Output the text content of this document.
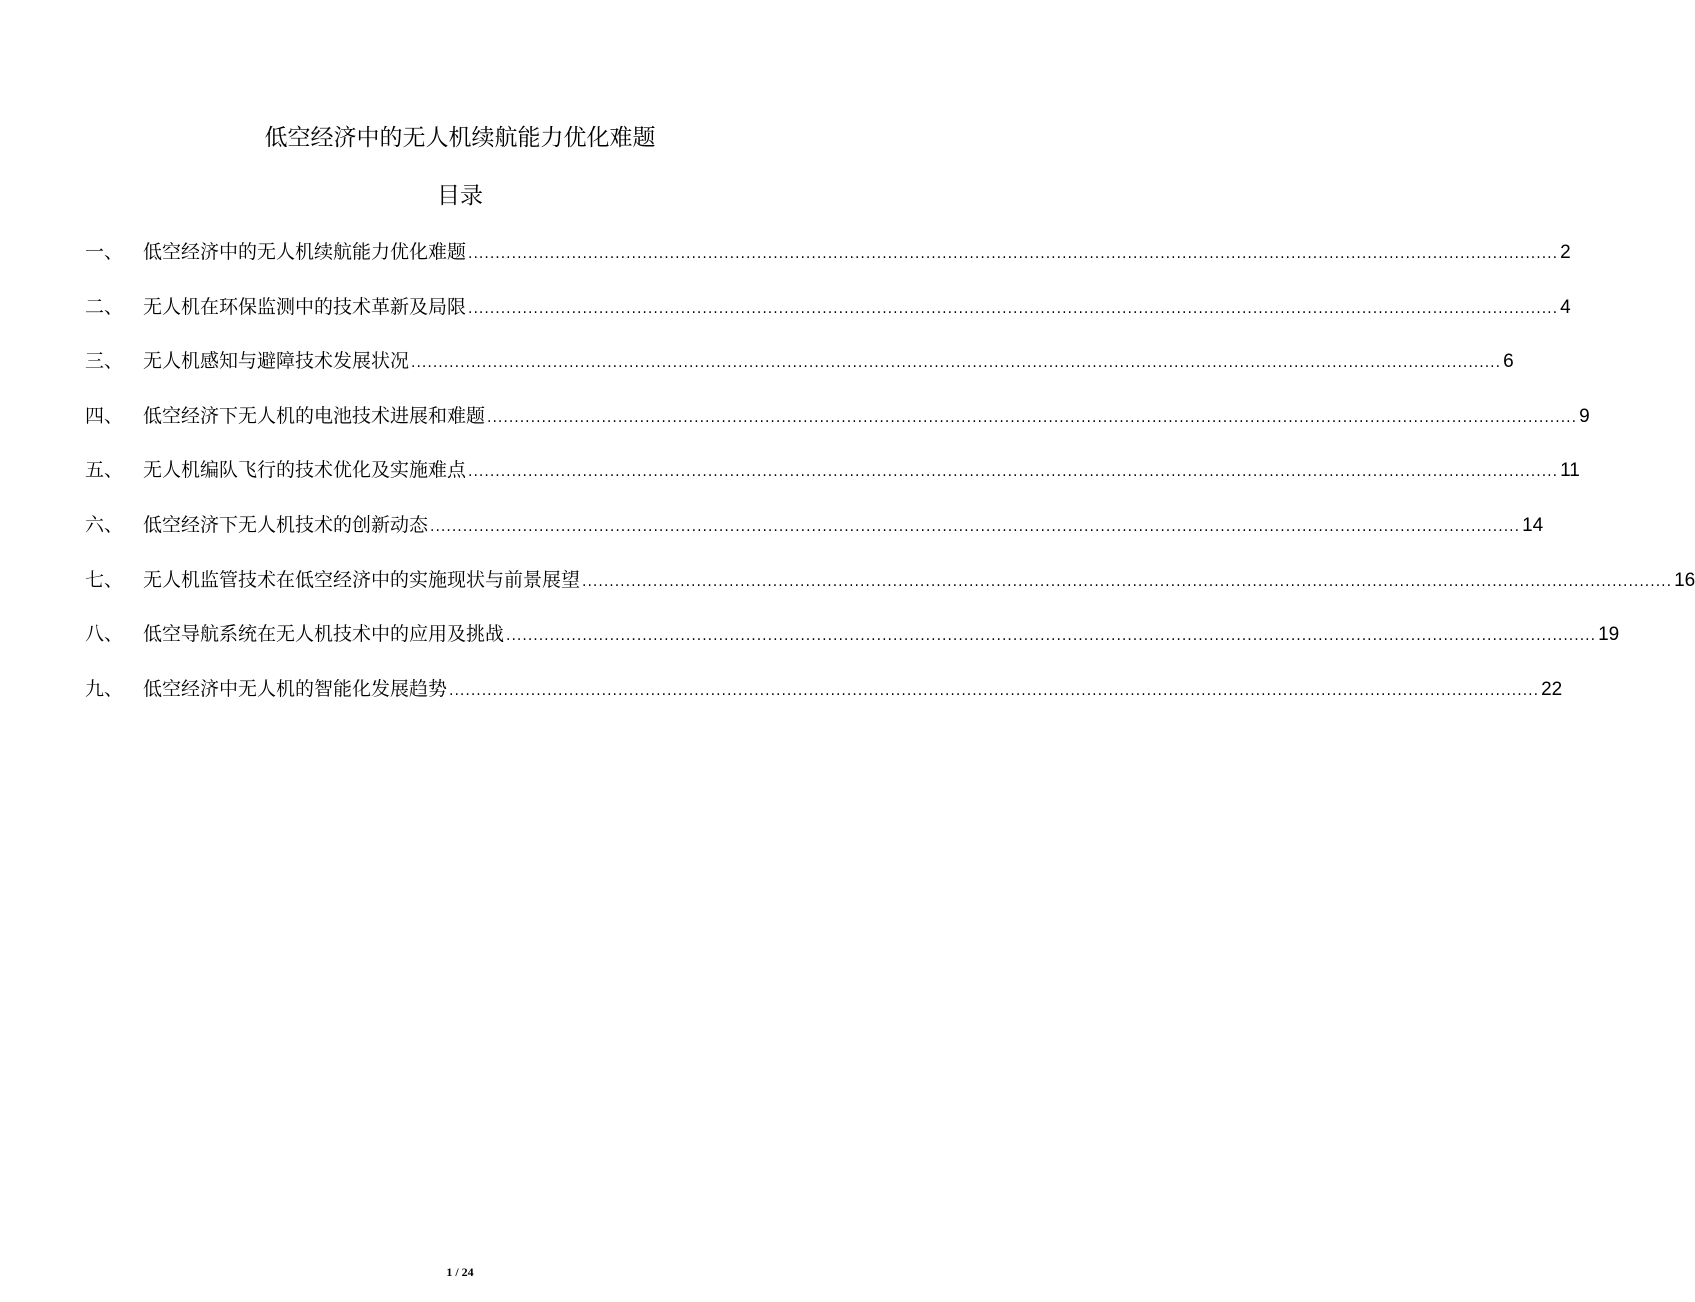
低空经济中的无人机续航能力优化难题
目录
一、	低空经济中的无人机续航能力优化难题 ........................................................................................................................................................................................................ 2
二、	无人机在环保监测中的技术革新及局限 ........................................................................................................................................................................................................ 4
三、	无人机感知与避障技术发展状况 ........................................................................................................................................................................................................ 6
四、	低空经济下无人机的电池技术进展和难题 ........................................................................................................................................................................................................ 9
五、	无人机编队飞行的技术优化及实施难点 ........................................................................................................................................................................................................ 11
六、	低空经济下无人机技术的创新动态 ........................................................................................................................................................................................................ 14
七、	无人机监管技术在低空经济中的实施现状与前景展望 ........................................................................................................................................................................................................ 16
八、	低空导航系统在无人机技术中的应用及挑战 ........................................................................................................................................................................................................ 19
九、	低空经济中无人机的智能化发展趋势 ........................................................................................................................................................................................................ 22
1 / 24
